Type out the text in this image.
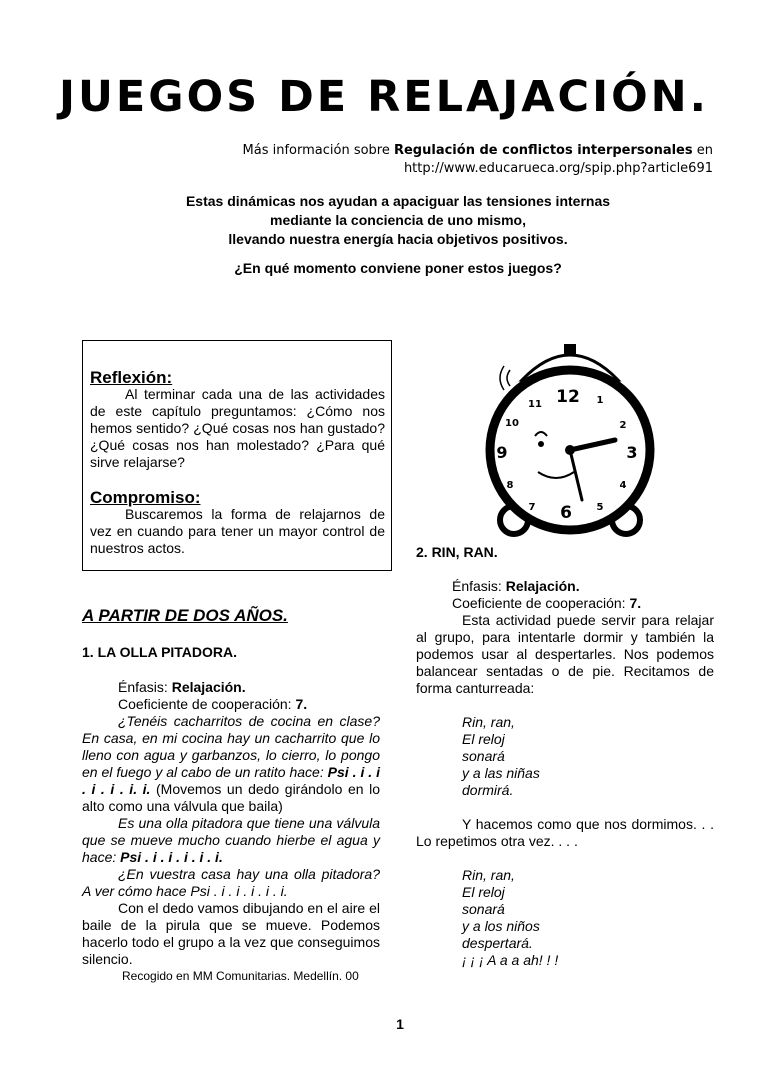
JUEGOS DE RELAJACIÓN.
Más información sobre Regulación de conflictos interpersonales en
http://www.educarueca.org/spip.php?article691
Estas dinámicas nos ayudan a apaciguar las tensiones internas
mediante la conciencia de uno mismo,
llevando nuestra energía hacia objetivos positivos.
¿En qué momento conviene poner estos juegos?
Reflexión:

Al terminar cada una de las actividades de este capítulo preguntamos: ¿Cómo nos hemos sentido? ¿Qué cosas nos han gustado? ¿Qué cosas nos han molestado? ¿Para qué sirve relajarse?

Compromiso:

Buscaremos la forma de relajarnos de vez en cuando para tener un mayor control de nuestros actos.

12 1
2
3
4
5
6
7
8
9
10
11
A PARTIR DE DOS AÑOS.
1. LA OLLA PITADORA.
Énfasis: Relajación.
Coeficiente de cooperación: 7.

¿Tenéis cacharritos de cocina en clase? En casa, en mi cocina hay un cacharrito que lo lleno con agua y garbanzos, lo cierro, lo pongo en el fuego y al cabo de un ratito hace: Psi . i . i . i . i . i. i. (Movemos un dedo girándolo en lo alto como una válvula que baila)

Es una olla pitadora que tiene una válvula que se mueve mucho cuando hierbe el agua y hace: Psi . i . i . i . i . i.

¿En vuestra casa hay una olla pitadora? A ver cómo hace Psi . i . i . i . i . i.

Con el dedo vamos dibujando en el aire el baile de la pirula que se mueve. Podemos hacerlo todo el grupo a la vez que conseguimos silencio.

Recogido en MM Comunitarias. Medellín. 00
2. RIN, RAN.
Énfasis: Relajación.
Coeficiente de cooperación: 7.

Esta actividad puede servir para relajar al grupo, para intentarle dormir y también la podemos usar al despertarles. Nos podemos balancear sentadas o de pie. Recitamos de forma canturreada:

Rin, ran,
El reloj
sonará
y a las niñas
dormirá.

Y hacemos como que nos dormimos. . . Lo repetimos otra vez. . . .

Rin, ran,
El reloj
sonará
y a los niños
despertará.
¡ ¡ ¡ A a a ah! ! !
1
